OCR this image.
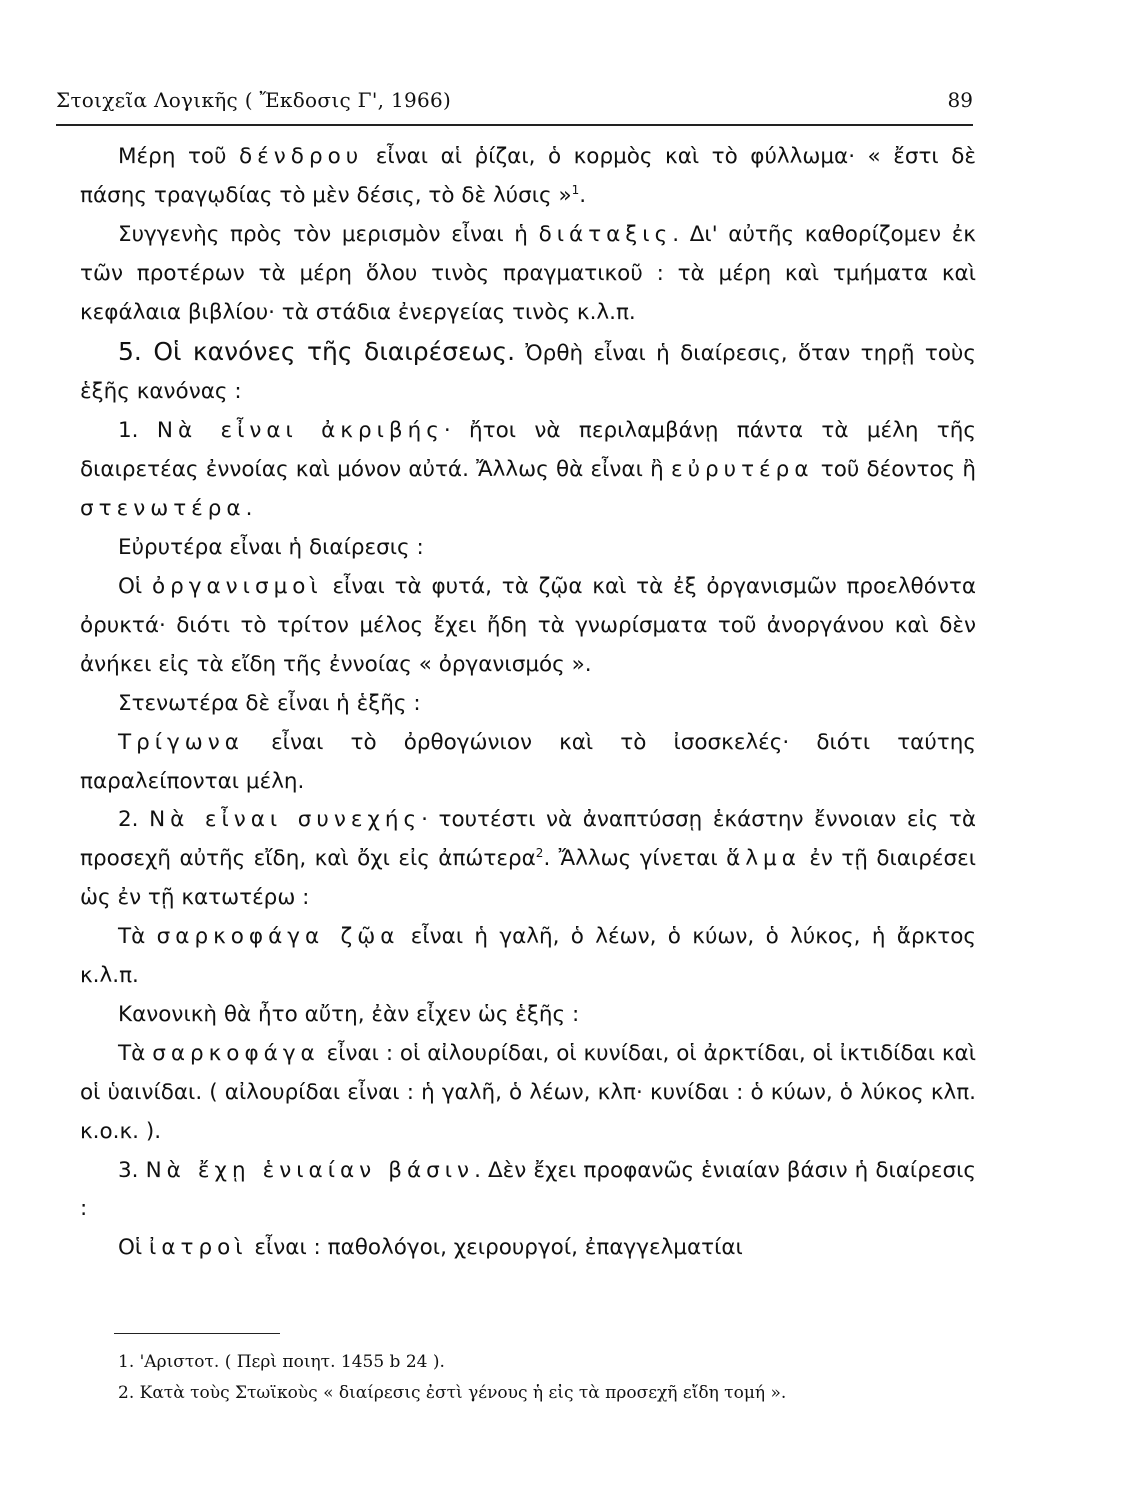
Στοιχεῖα Λογικῆς ( Ἔκδοσις Γ', 1966)	89

Μέρη τοῦ δένδρου εἶναι αἱ ῥίζαι, ὁ κορμὸς καὶ τὸ φύλλωμα· « ἔστι δὲ πάσης τραγῳδίας τὸ μὲν δέσις, τὸ δὲ λύσις »$^1$.

Συγγενὴς πρὸς τὸν μερισμὸν εἶναι ἡ διάταξις. Δι' αὐτῆς καθορίζομεν ἐκ τῶν προτέρων τὰ μέρη ὅλου τινὸς πραγματικοῦ : τὰ μέρη καὶ τμήματα καὶ κεφάλαια βιβλίου· τὰ στάδια ἐνεργείας τινὸς κ.λ.π.

5. Οἱ κανόνες τῆς διαιρέσεως. Ὀρθὴ εἶναι ἡ διαίρεσις, ὅταν τηρῇ τοὺς ἑξῆς κανόνας :

1. Νὰ εἶναι ἀκριβής· ἤτοι νὰ περιλαμβάνῃ πάντα τὰ μέλη τῆς διαιρετέας ἐννοίας καὶ μόνον αὐτά. Ἄλλως θὰ εἶναι ἢ εὐρυτέρα τοῦ δέοντος ἢ στενωτέρα.

Εὐρυτέρα εἶναι ἡ διαίρεσις :

Οἱ ὀργανισμοὶ εἶναι τὰ φυτά, τὰ ζῷα καὶ τὰ ἐξ ὀργανισμῶν προελθόντα ὀρυκτά· διότι τὸ τρίτον μέλος ἔχει ἤδη τὰ γνωρίσματα τοῦ ἀνοργάνου καὶ δὲν ἀνήκει εἰς τὰ εἴδη τῆς ἐννοίας « ὀργανισμός ».

Στενωτέρα δὲ εἶναι ἡ ἑξῆς :

Τρίγωνα εἶναι τὸ ὀρθογώνιον καὶ τὸ ἰσοσκελές· διότι ταύτης παραλείπονται μέλη.

2. Νὰ εἶναι συνεχής· τουτέστι νὰ ἀναπτύσσῃ ἑκάστην ἔννοιαν εἰς τὰ προσεχῆ αὐτῆς εἴδη, καὶ ὄχι εἰς ἀπώτερα$^2$. Ἄλλως γίνεται ἅλμα ἐν τῇ διαιρέσει ὡς ἐν τῇ κατωτέρω :

Τὰ σαρκοφάγα ζῷα εἶναι ἡ γαλῆ, ὁ λέων, ὁ κύων, ὁ λύκος, ἡ ἄρκτος κ.λ.π.

Κανονικὴ θὰ ἦτο αὔτη, ἐὰν εἶχεν ὡς ἑξῆς :

Τὰ σαρκοφάγα εἶναι : οἱ αἰλουρίδαι, οἱ κυνίδαι, οἱ ἀρκτίδαι, οἱ ἰκτιδίδαι καὶ οἱ ὑαινίδαι. ( αἰλουρίδαι εἶναι : ἡ γαλῆ, ὁ λέων, κλπ· κυνίδαι : ὁ κύων, ὁ λύκος κλπ. κ.ο.κ. ).

3. Νὰ ἔχῃ ἑνιαίαν βάσιν. Δὲν ἔχει προφανῶς ἑνιαίαν βάσιν ἡ διαίρεσις :

Οἱ ἰατροὶ εἶναι : παθολόγοι, χειρουργοί, ἐπαγγελματίαι

1. 'Αριστοτ. ( Περὶ ποιητ. 1455 b 24 ).

2. Κατὰ τοὺς Στωϊκοὺς « διαίρεσις ἐστὶ γένους ἡ εἰς τὰ προσεχῆ εἴδη τομή ».
